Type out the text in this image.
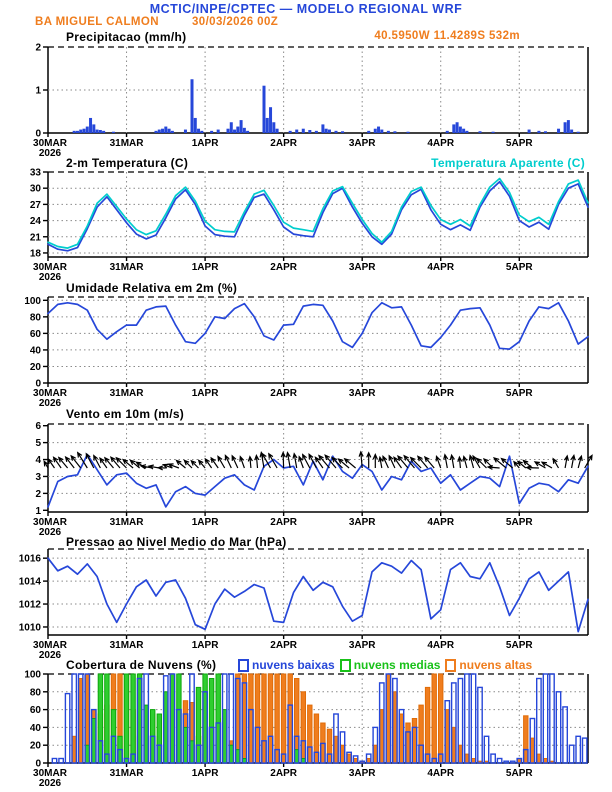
MCTIC/INPE/CPTEC — MODELO REGIONAL WRF
BA MIGUEL CALMON	30/03/2026 00Z
40.5950W 11.4289S 532m
Precipitacao (mm/h)
2-m Temperatura (C)	Temperatura Aparente (C)
Umidade Relativa em 2m (%)
Vento em 10m (m/s)
Pressao ao Nivel Medio do Mar (hPa)
Cobertura de Nuvens (%)	nuvens baixas nuvens medias nuvens altas
0
1
2
30MAR	31MAR	1APR	2APR	3APR	4APR	5APR
2026
18
21
24
27
30
33
30MAR	31MAR	1APR	2APR	3APR	4APR	5APR
2026
0
20
40
60
80
100
30MAR	31MAR	1APR	2APR	3APR	4APR	5APR
2026
1
2
3
4
5
6
30MAR	31MAR	1APR	2APR	3APR	4APR	5APR
2026
1010
1012
1014
1016
30MAR	31MAR	1APR	2APR	3APR	4APR	5APR
2026
0
20
40
60
80
100
30MAR	31MAR	1APR	2APR	3APR	4APR	5APR
2026
